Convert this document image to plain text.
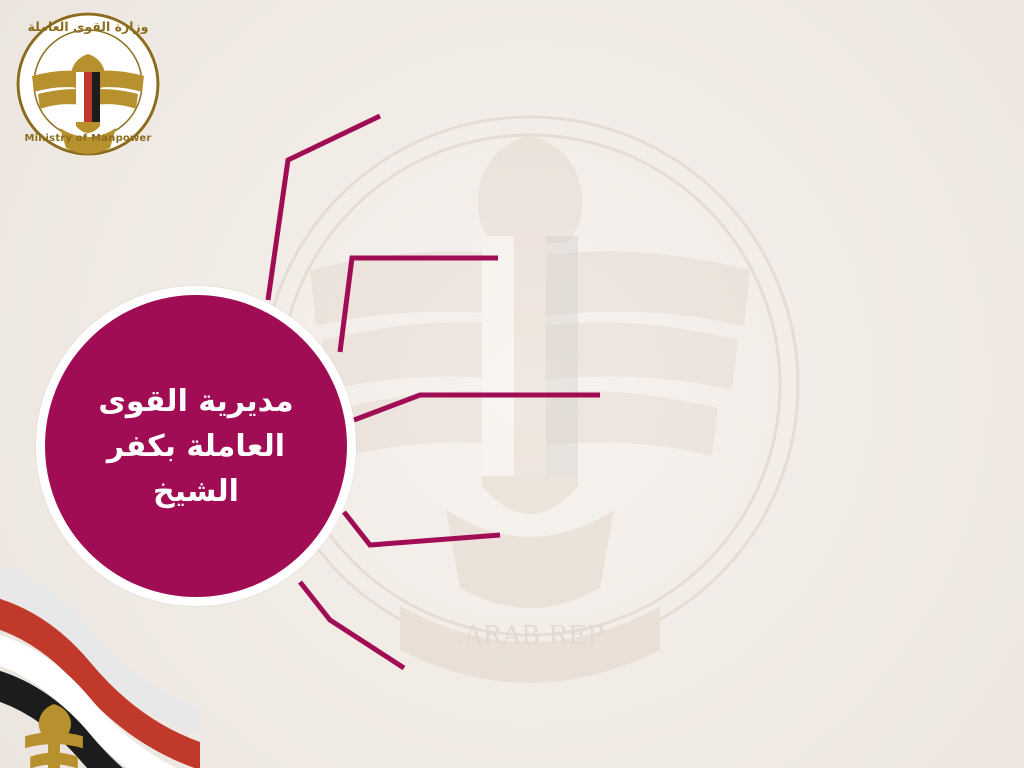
ARAB REP.
وزارة القوى العاملة
Ministry of Manpower
مديرية القوى العاملة بكفر الشيخ
